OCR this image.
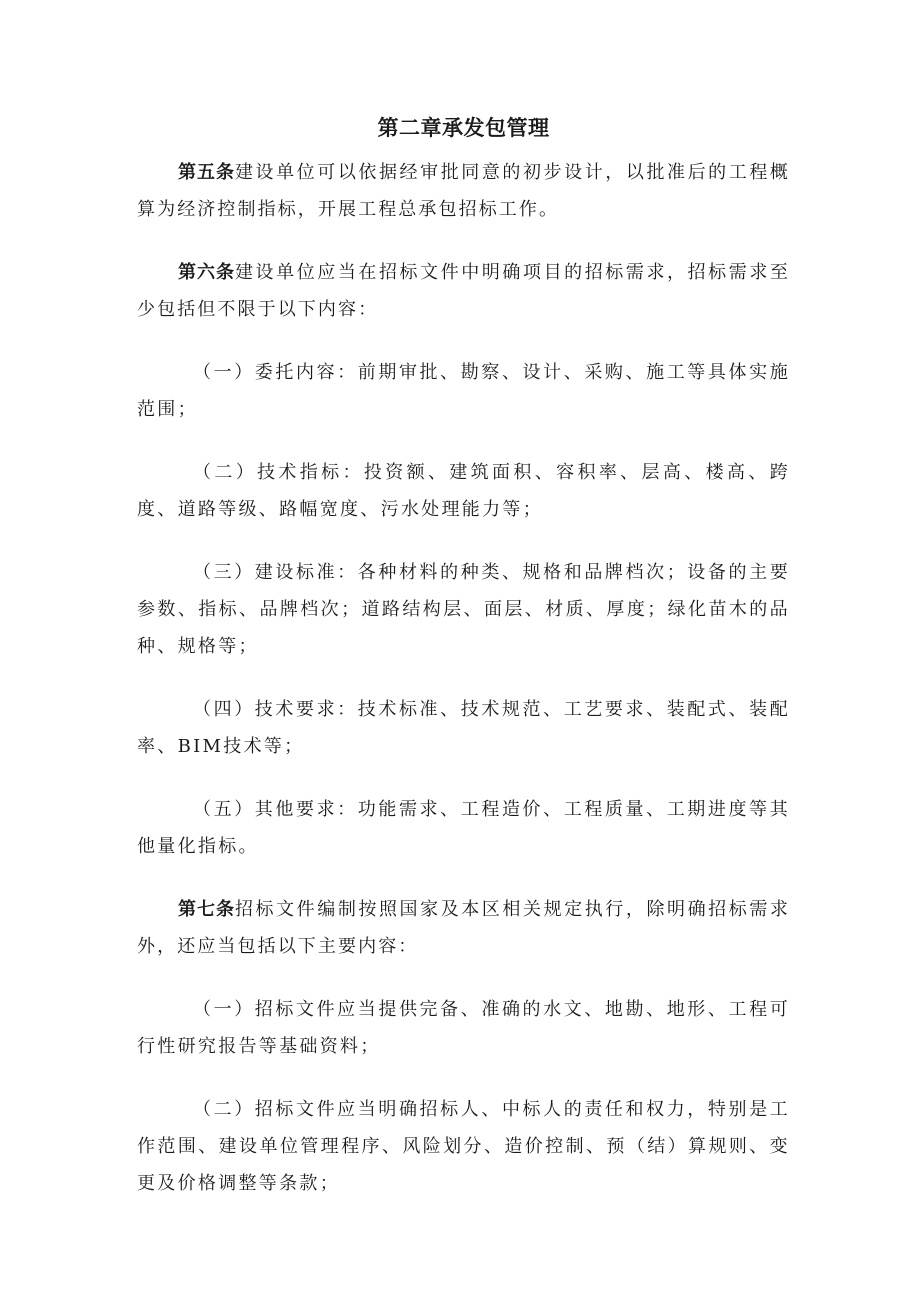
第二章承发包管理

第五条建设单位可以依据经审批同意的初步设计，以批准后的工程概算为经济控制指标，开展工程总承包招标工作。

第六条建设单位应当在招标文件中明确项目的招标需求，招标需求至少包括但不限于以下内容：

（一）委托内容：前期审批、勘察、设计、采购、施工等具体实施范围；

（二）技术指标：投资额、建筑面积、容积率、层高、楼高、跨度、道路等级、路幅宽度、污水处理能力等；

（三）建设标准：各种材料的种类、规格和品牌档次；设备的主要参数、指标、品牌档次；道路结构层、面层、材质、厚度；绿化苗木的品种、规格等；

（四）技术要求：技术标准、技术规范、工艺要求、装配式、装配率、BIM技术等；

（五）其他要求：功能需求、工程造价、工程质量、工期进度等其他量化指标。

第七条招标文件编制按照国家及本区相关规定执行，除明确招标需求外，还应当包括以下主要内容：

（一）招标文件应当提供完备、准确的水文、地勘、地形、工程可行性研究报告等基础资料；

（二）招标文件应当明确招标人、中标人的责任和权力，特别是工作范围、建设单位管理程序、风险划分、造价控制、预（结）算规则、变更及价格调整等条款；
